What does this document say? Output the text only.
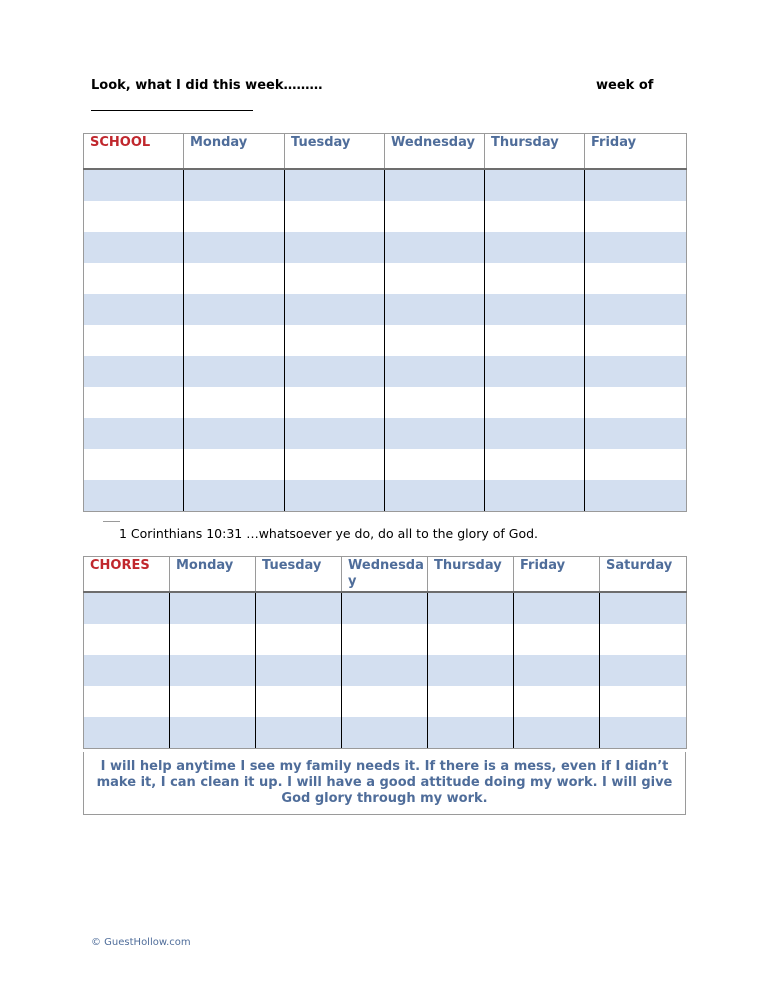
Look, what I did this week………	week of
SCHOOL	Monday	Tuesday	Wednesday	Thursday	Friday

1 Corinthians 10:31 …whatsoever ye do, do all to the glory of God.
CHORES	Monday	Tuesday	Wednesday	Thursday	Friday	Saturday

I will help anytime I see my family needs it. If there is a mess, even if I didn’t make it, I can clean it up. I will have a good attitude doing my work. I will give God glory through my work.
© GuestHollow.com
